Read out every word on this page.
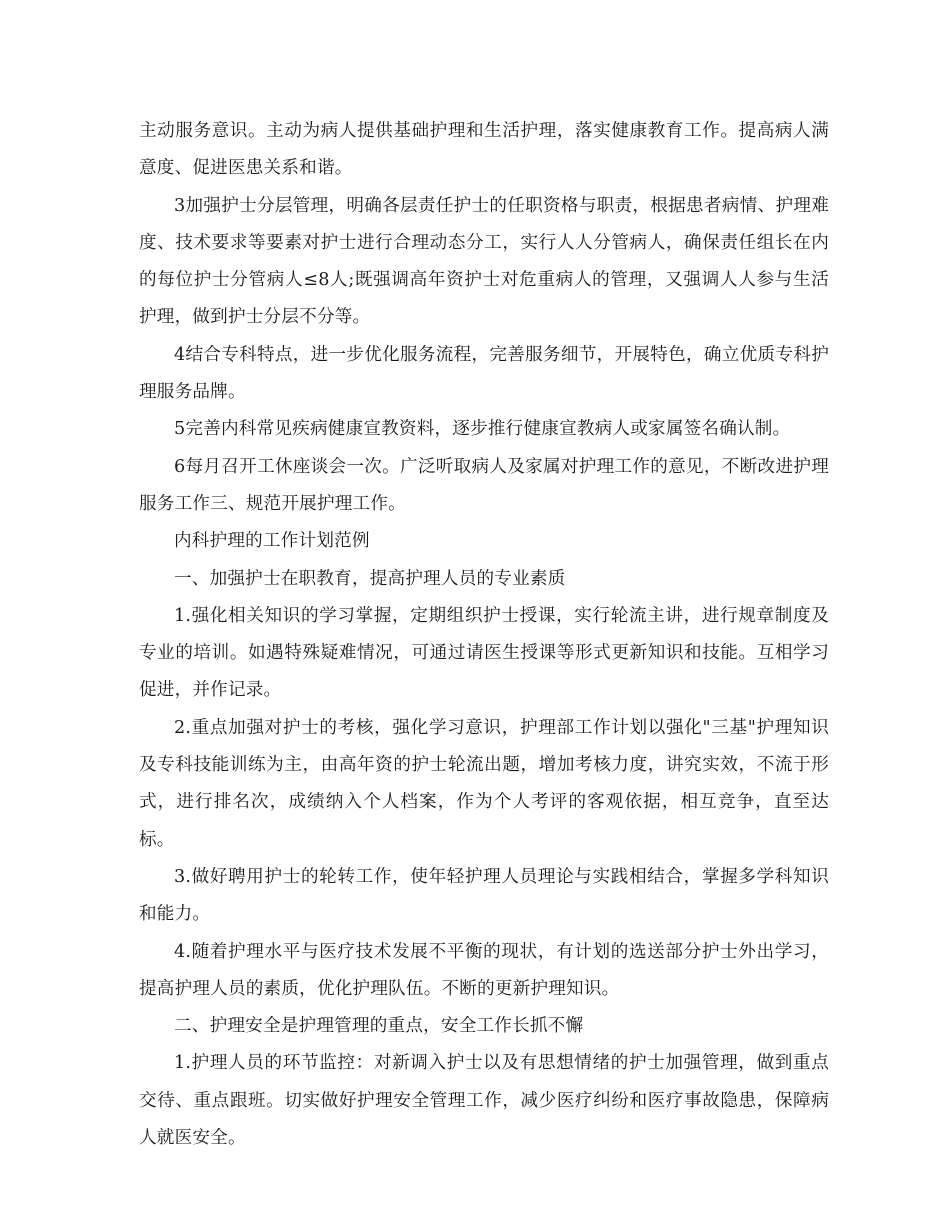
主动服务意识。主动为病人提供基础护理和生活护理，落实健康教育工作。提高病人满意度、促进医患关系和谐。

3加强护士分层管理，明确各层责任护士的任职资格与职责，根据患者病情、护理难度、技术要求等要素对护士进行合理动态分工，实行人人分管病人，确保责任组长在内的每位护士分管病人≤8人;既强调高年资护士对危重病人的管理，又强调人人参与生活护理，做到护士分层不分等。

4结合专科特点，进一步优化服务流程，完善服务细节，开展特色，确立优质专科护理服务品牌。

5完善内科常见疾病健康宣教资料，逐步推行健康宣教病人或家属签名确认制。

6每月召开工休座谈会一次。广泛听取病人及家属对护理工作的意见，不断改进护理服务工作三、规范开展护理工作。

内科护理的工作计划范例

一、加强护士在职教育，提高护理人员的专业素质

1.强化相关知识的学习掌握，定期组织护士授课，实行轮流主讲，进行规章制度及专业的培训。如遇特殊疑难情况，可通过请医生授课等形式更新知识和技能。互相学习促进，并作记录。

2.重点加强对护士的考核，强化学习意识，护理部工作计划以强化"三基"护理知识及专科技能训练为主，由高年资的护士轮流出题，增加考核力度，讲究实效，不流于形式，进行排名次，成绩纳入个人档案，作为个人考评的客观依据，相互竞争，直至达标。

3.做好聘用护士的轮转工作，使年轻护理人员理论与实践相结合，掌握多学科知识和能力。

4.随着护理水平与医疗技术发展不平衡的现状，有计划的选送部分护士外出学习，提高护理人员的素质，优化护理队伍。不断的更新护理知识。

二、护理安全是护理管理的重点，安全工作长抓不懈

1.护理人员的环节监控：对新调入护士以及有思想情绪的护士加强管理，做到重点交待、重点跟班。切实做好护理安全管理工作，减少医疗纠纷和医疗事故隐患，保障病人就医安全。
